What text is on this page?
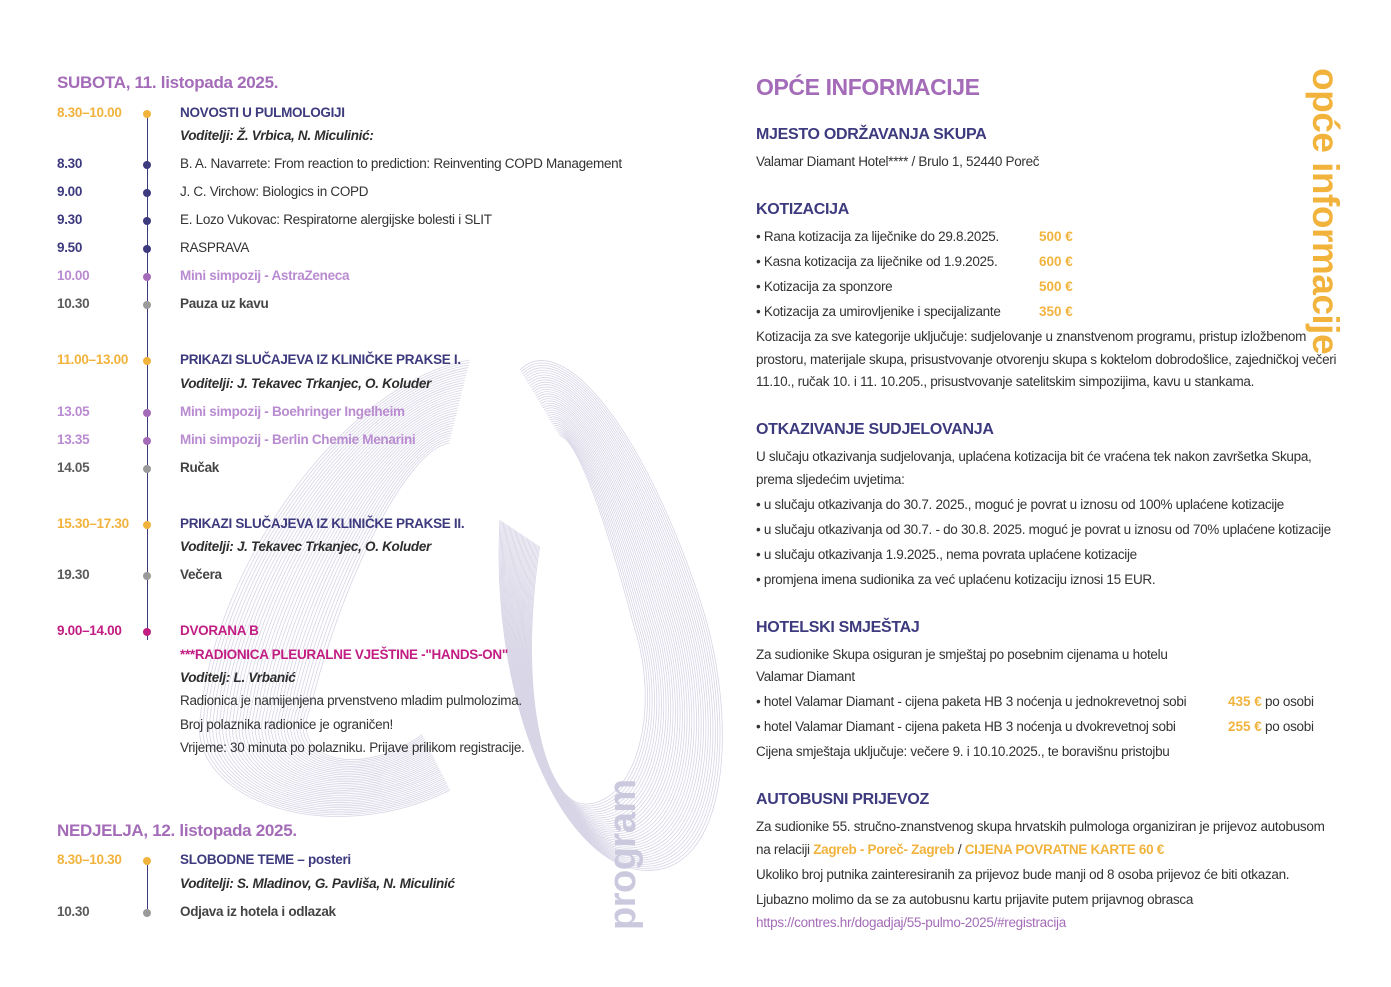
SUBOTA, 11. listopada 2025.
8.30–10.00	NOVOSTI U PULMOLOGIJI
Voditelji: Ž. Vrbica, N. Miculinić:
8.30	B. A. Navarrete: From reaction to prediction: Reinventing COPD Management
9.00	J. C. Virchow: Biologics in COPD
9.30	E. Lozo Vukovac: Respiratorne alergijske bolesti i SLIT
9.50	RASPRAVA
10.00	Mini simpozij - AstraZeneca
10.30	Pauza uz kavu
11.00–13.00	PRIKAZI SLUČAJEVA IZ KLINIČKE PRAKSE I.
Voditelji: J. Tekavec Trkanjec, O. Koluder
13.05	Mini simpozij - Boehringer Ingelheim
13.35	Mini simpozij - Berlin Chemie Menarini
14.05	Ručak
15.30–17.30	PRIKAZI SLUČAJEVA IZ KLINIČKE PRAKSE II.
Voditelji: J. Tekavec Trkanjec, O. Koluder
19.30	Večera
9.00–14.00	DVORANA B
***RADIONICA PLEURALNE VJEŠTINE -"HANDS-ON"
Voditelj: L. Vrbanić
Radionica je namijenjena prvenstveno mladim pulmolozima.
Broj polaznika radionice je ograničen!
Vrijeme: 30 minuta po polazniku. Prijave prilikom registracije.
NEDJELJA, 12. listopada 2025.
8.30–10.30	SLOBODNE TEME – posteri
Voditelji: S. Mladinov, G. Pavliša, N. Miculinić
10.30	Odjava iz hotela i odlazak	program
OPĆE INFORMACIJE	opće informacije
MJESTO ODRŽAVANJA SKUPA
Valamar Diamant Hotel**** / Brulo 1, 52440 Poreč
KOTIZACIJA
• Rana kotizacija za liječnike do 29.8.2025.	500 €
• Kasna kotizacija za liječnike od 1.9.2025.	600 €
• Kotizacija za sponzore	500 €
• Kotizacija za umirovljenike i specijalizante	350 €
Kotizacija za sve kategorije uključuje: sudjelovanje u znanstvenom programu, pristup izložbenom
prostoru, materijale skupa, prisustvovanje otvorenju skupa s koktelom dobrodošlice, zajedničkoj večeri
11.10., ručak 10. i 11. 10.205., prisustvovanje satelitskim simpozijima, kavu u stankama.
OTKAZIVANJE SUDJELOVANJA
U slučaju otkazivanja sudjelovanja, uplaćena kotizacija bit će vraćena tek nakon završetka Skupa,
prema sljedećim uvjetima:
• u slučaju otkazivanja do 30.7. 2025., moguć je povrat u iznosu od 100% uplaćene kotizacije
• u slučaju otkazivanja od 30.7. - do 30.8. 2025. moguć je povrat u iznosu od 70% uplaćene kotizacije
• u slučaju otkazivanja 1.9.2025., nema povrata uplaćene kotizacije
• promjena imena sudionika za već uplaćenu kotizaciju iznosi 15 EUR.
HOTELSKI SMJEŠTAJ
Za sudionike Skupa osiguran je smještaj po posebnim cijenama u hotelu
Valamar Diamant
• hotel Valamar Diamant - cijena paketa HB 3 noćenja u jednokrevetnoj sobi	435 € po osobi
• hotel Valamar Diamant - cijena paketa HB 3 noćenja u dvokrevetnoj sobi	255 € po osobi
Cijena smještaja uključuje: večere 9. i 10.10.2025., te boravišnu pristojbu
AUTOBUSNI PRIJEVOZ
Za sudionike 55. stručno-znanstvenog skupa hrvatskih pulmologa organiziran je prijevoz autobusom
na relaciji Zagreb - Poreč- Zagreb / CIJENA POVRATNE KARTE 60 €
Ukoliko broj putnika zainteresiranih za prijevoz bude manji od 8 osoba prijevoz će biti otkazan.
Ljubazno molimo da se za autobusnu kartu prijavite putem prijavnog obrasca
https://contres.hr/dogadjaj/55-pulmo-2025/#registracija
